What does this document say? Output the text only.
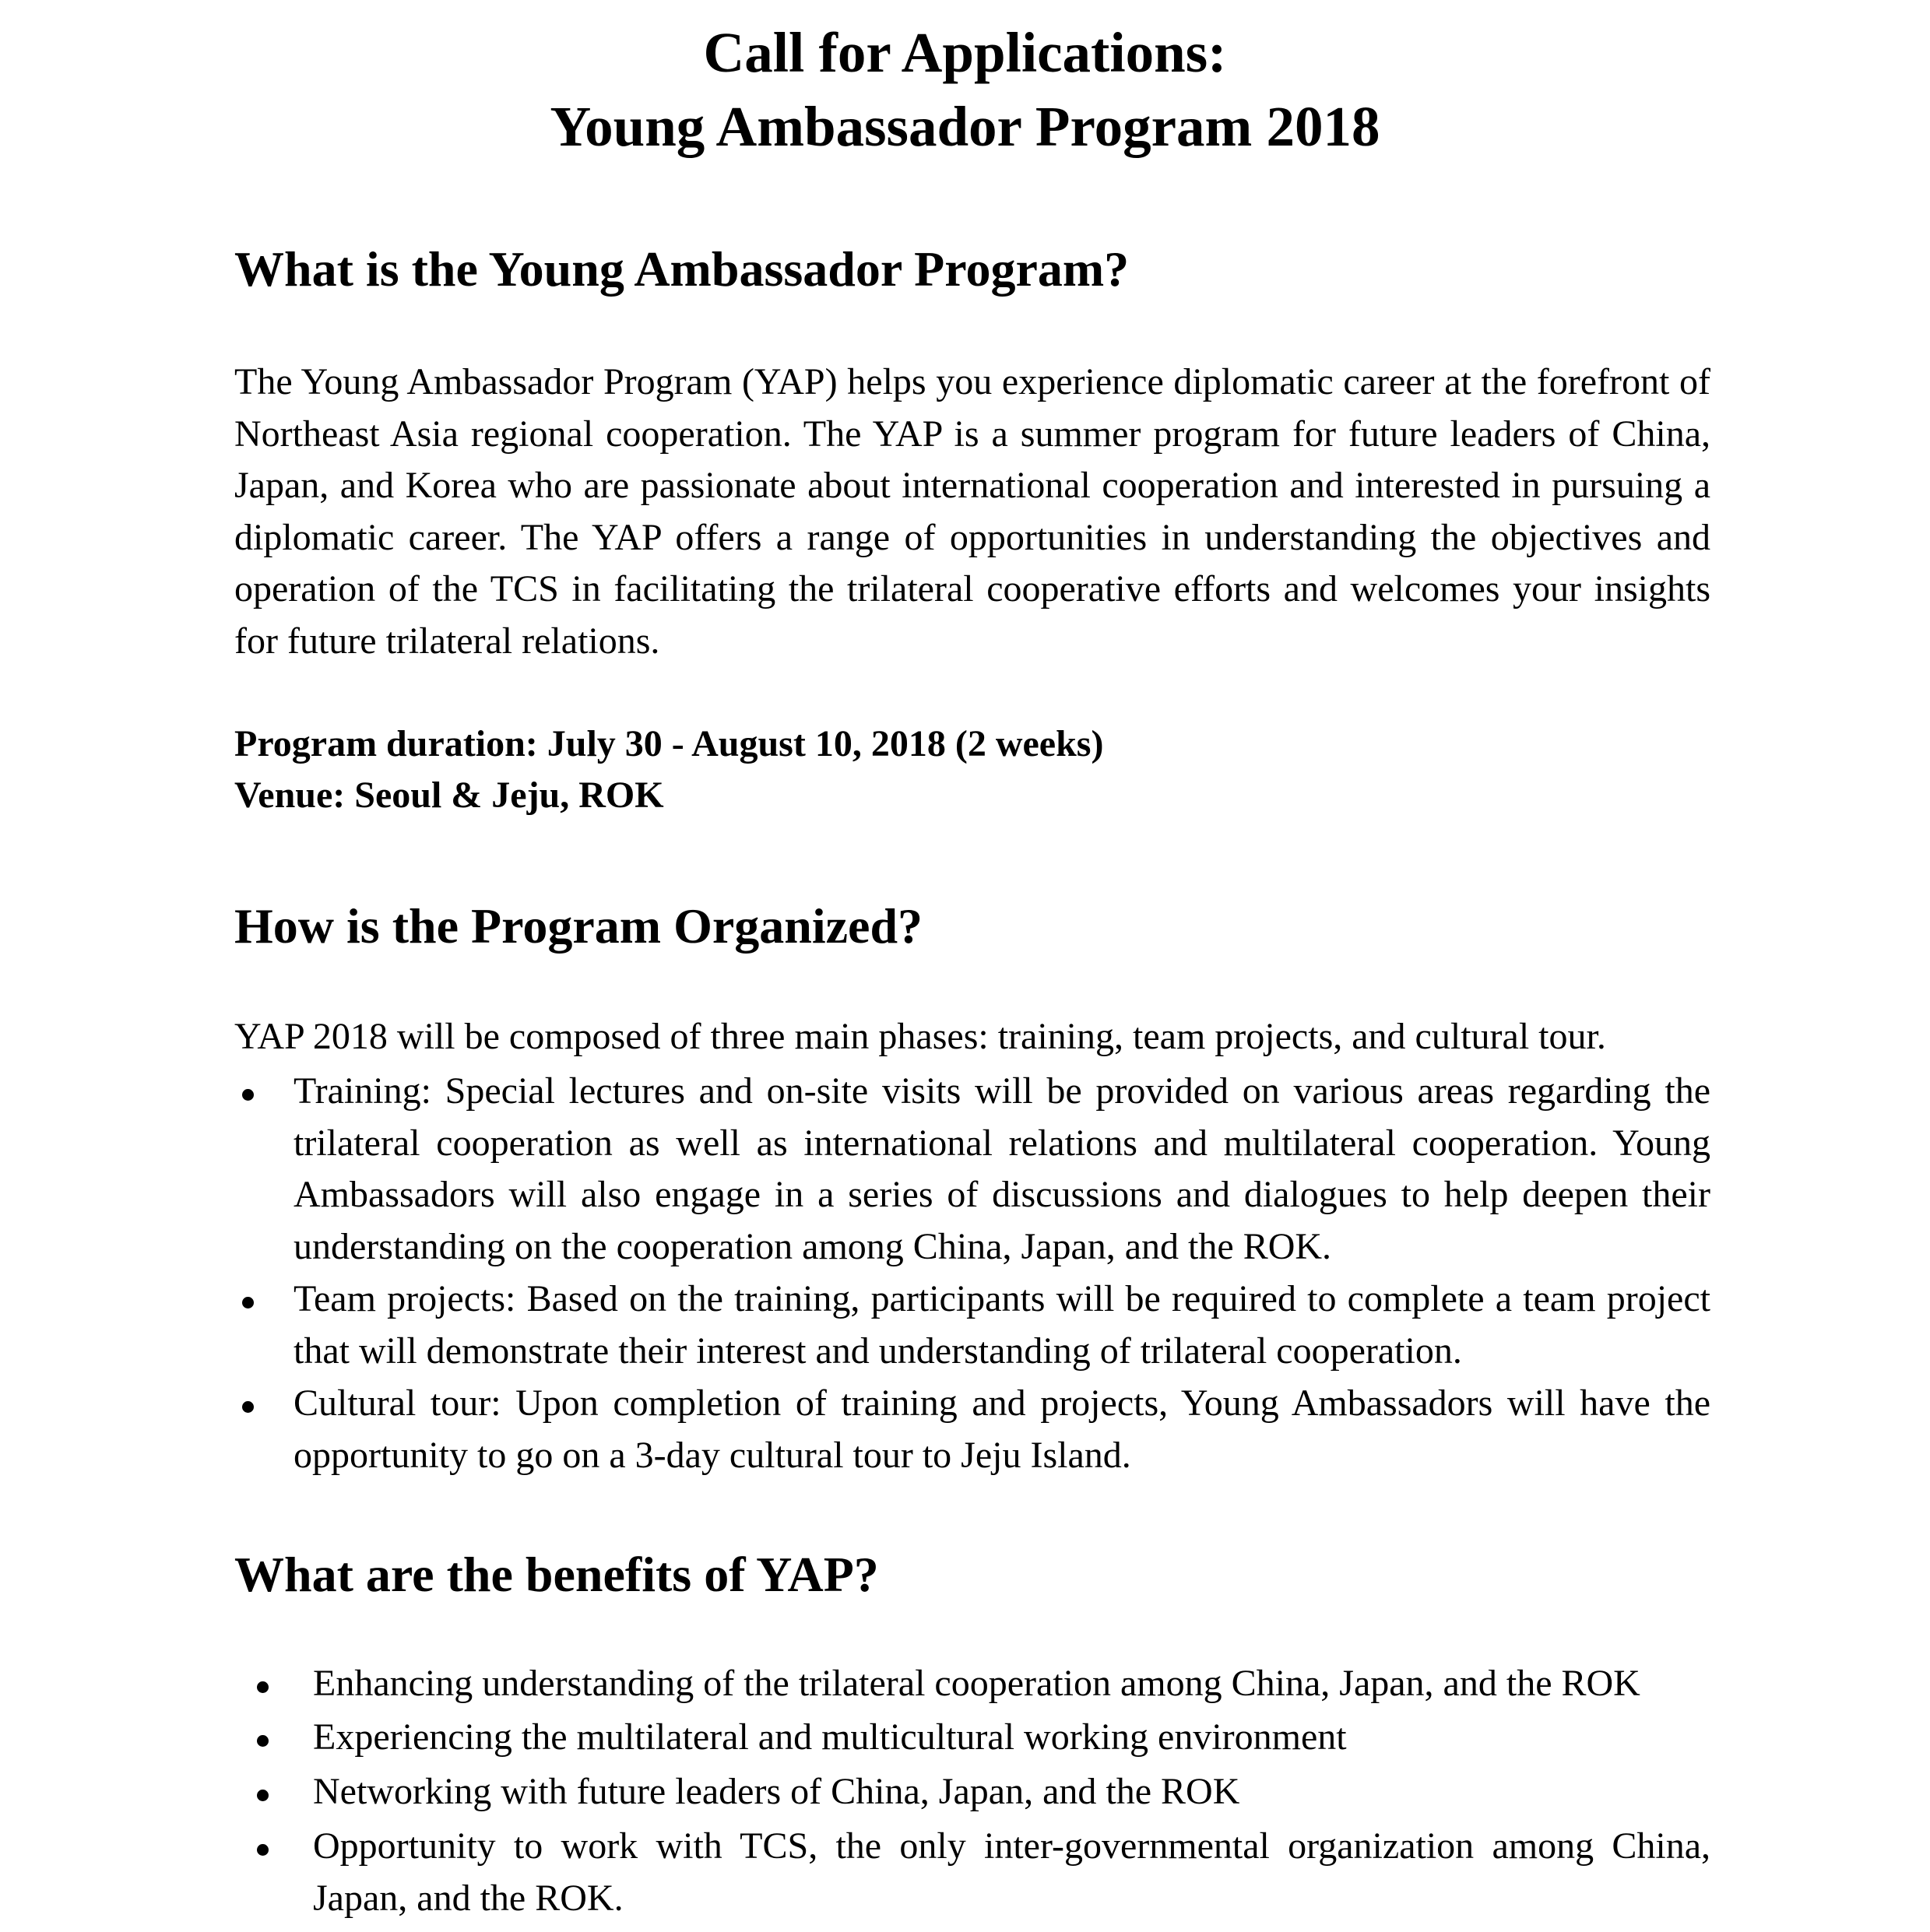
Call for Applications:
Young Ambassador Program 2018
What is the Young Ambassador Program?

The Young Ambassador Program (YAP) helps you experience diplomatic career at the forefront of Northeast Asia regional cooperation. The YAP is a summer program for future leaders of China, Japan, and Korea who are passionate about international cooperation and interested in pursuing a diplomatic career. The YAP offers a range of opportunities in understanding the objectives and operation of the TCS in facilitating the trilateral cooperative efforts and welcomes your insights for future trilateral relations.

Program duration: July 30 - August 10, 2018 (2 weeks)

Venue: Seoul & Jeju, ROK

How is the Program Organized?

YAP 2018 will be composed of three main phases: training, team projects, and cultural tour.

Training: Special lectures and on-site visits will be provided on various areas regarding the trilateral cooperation as well as international relations and multilateral cooperation. Young Ambassadors will also engage in a series of discussions and dialogues to help deepen their understanding on the cooperation among China, Japan, and the ROK.
Team projects: Based on the training, participants will be required to complete a team project that will demonstrate their interest and understanding of trilateral cooperation.
Cultural tour: Upon completion of training and projects, Young Ambassadors will have the opportunity to go on a 3-day cultural tour to Jeju Island.
What are the benefits of YAP?
Enhancing understanding of the trilateral cooperation among China, Japan, and the ROK
Experiencing the multilateral and multicultural working environment
Networking with future leaders of China, Japan, and the ROK
Opportunity to work with TCS, the only inter-governmental organization among China, Japan, and the ROK.
